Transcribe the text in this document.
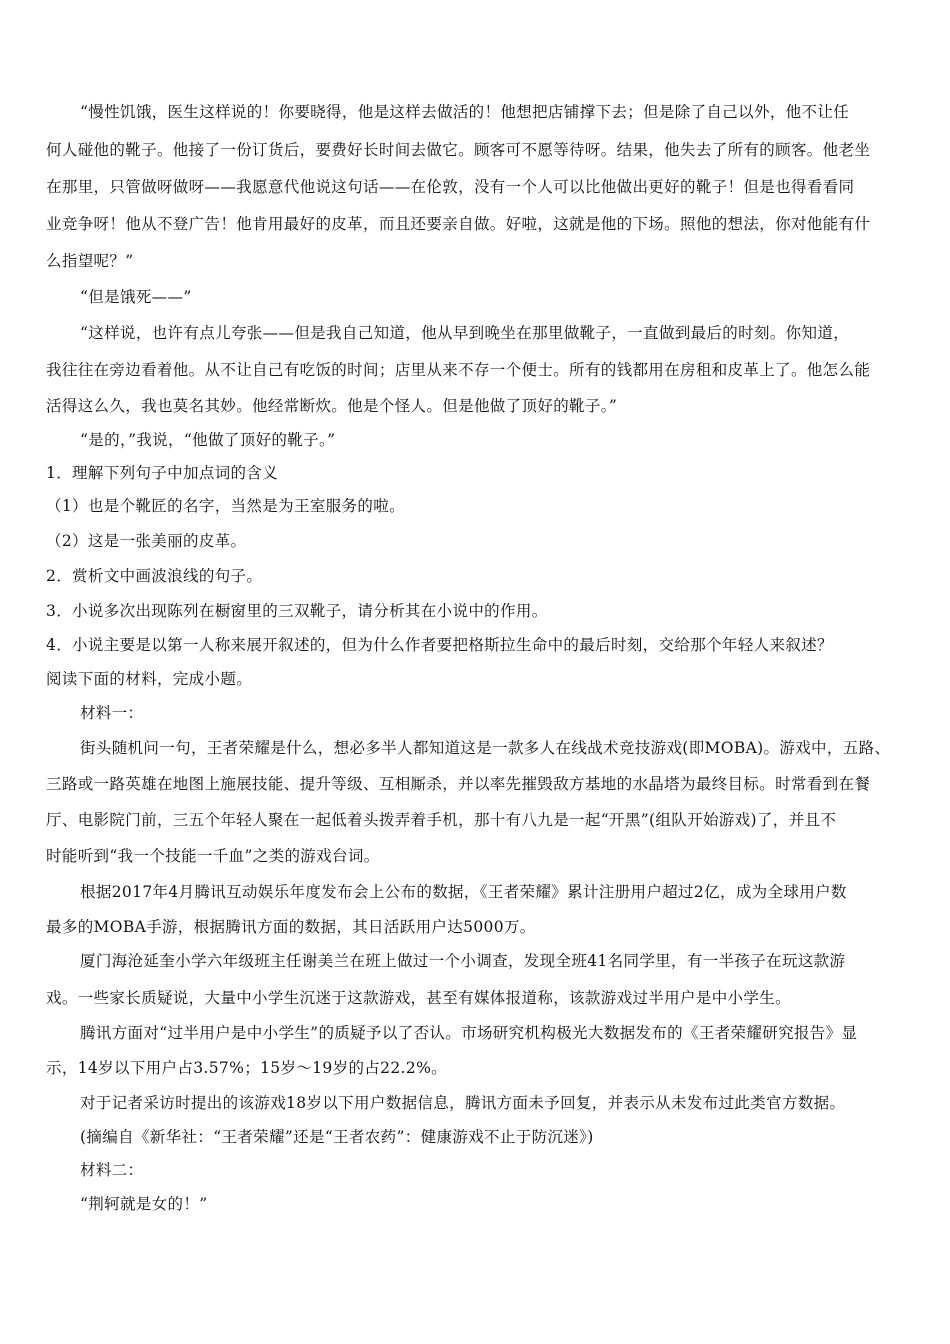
“慢性饥饿，医生这样说的！你要晓得，他是这样去做活的！他想把店铺撑下去；但是除了自己以外，他不让任
何人碰他的靴子。他接了一份订货后，要费好长时间去做它。顾客可不愿等待呀。结果，他失去了所有的顾客。他老坐
在那里，只管做呀做呀——我愿意代他说这句话——在伦敦，没有一个人可以比他做出更好的靴子！但是也得看看同
业竞争呀！他从不登广告！他肯用最好的皮革，而且还要亲自做。好啦，这就是他的下场。照他的想法，你对他能有什
么指望呢？”
“但是饿死——”
“这样说，也许有点儿夸张——但是我自己知道，他从早到晚坐在那里做靴子，一直做到最后的时刻。你知道，
我往往在旁边看着他。从不让自己有吃饭的时间；店里从来不存一个便士。所有的钱都用在房租和皮革上了。他怎么能
活得这么久，我也莫名其妙。他经常断炊。他是个怪人。但是他做了顶好的靴子。”
“是的，”我说，“他做了顶好的靴子。”
1．理解下列句子中加点词的含义
（1）也是个靴匠的名字，当然是为王室服务的啦。
（2）这是一张美丽的皮革。
2．赏析文中画波浪线的句子。
3．小说多次出现陈列在橱窗里的三双靴子，请分析其在小说中的作用。
4．小说主要是以第一人称来展开叙述的，但为什么作者要把格斯拉生命中的最后时刻，交给那个年轻人来叙述？
阅读下面的材料，完成小题。
材料一：
街头随机问一句，王者荣耀是什么，想必多半人都知道这是一款多人在线战术竞技游戏(即MOBA)。游戏中，五路、
三路或一路英雄在地图上施展技能、提升等级、互相厮杀，并以率先摧毁敌方基地的水晶塔为最终目标。时常看到在餐
厅、电影院门前，三五个年轻人聚在一起低着头拨弄着手机，那十有八九是一起“开黑”(组队开始游戏)了，并且不
时能听到“我一个技能一千血”之类的游戏台词。
根据2017年4月腾讯互动娱乐年度发布会上公布的数据，《王者荣耀》累计注册用户超过2亿，成为全球用户数
最多的MOBA手游，根据腾讯方面的数据，其日活跃用户达5000万。
厦门海沧延奎小学六年级班主任谢美兰在班上做过一个小调查，发现全班41名同学里，有一半孩子在玩这款游
戏。一些家长质疑说，大量中小学生沉迷于这款游戏，甚至有媒体报道称，该款游戏过半用户是中小学生。
腾讯方面对“过半用户是中小学生”的质疑予以了否认。市场研究机构极光大数据发布的《王者荣耀研究报告》显
示，14岁以下用户占3.57%；15岁～19岁的占22.2%。
对于记者采访时提出的该游戏18岁以下用户数据信息，腾讯方面未予回复，并表示从未发布过此类官方数据。
(摘编自《新华社：“王者荣耀”还是“王者农药”：健康游戏不止于防沉迷》)
材料二：
“荆轲就是女的！”
